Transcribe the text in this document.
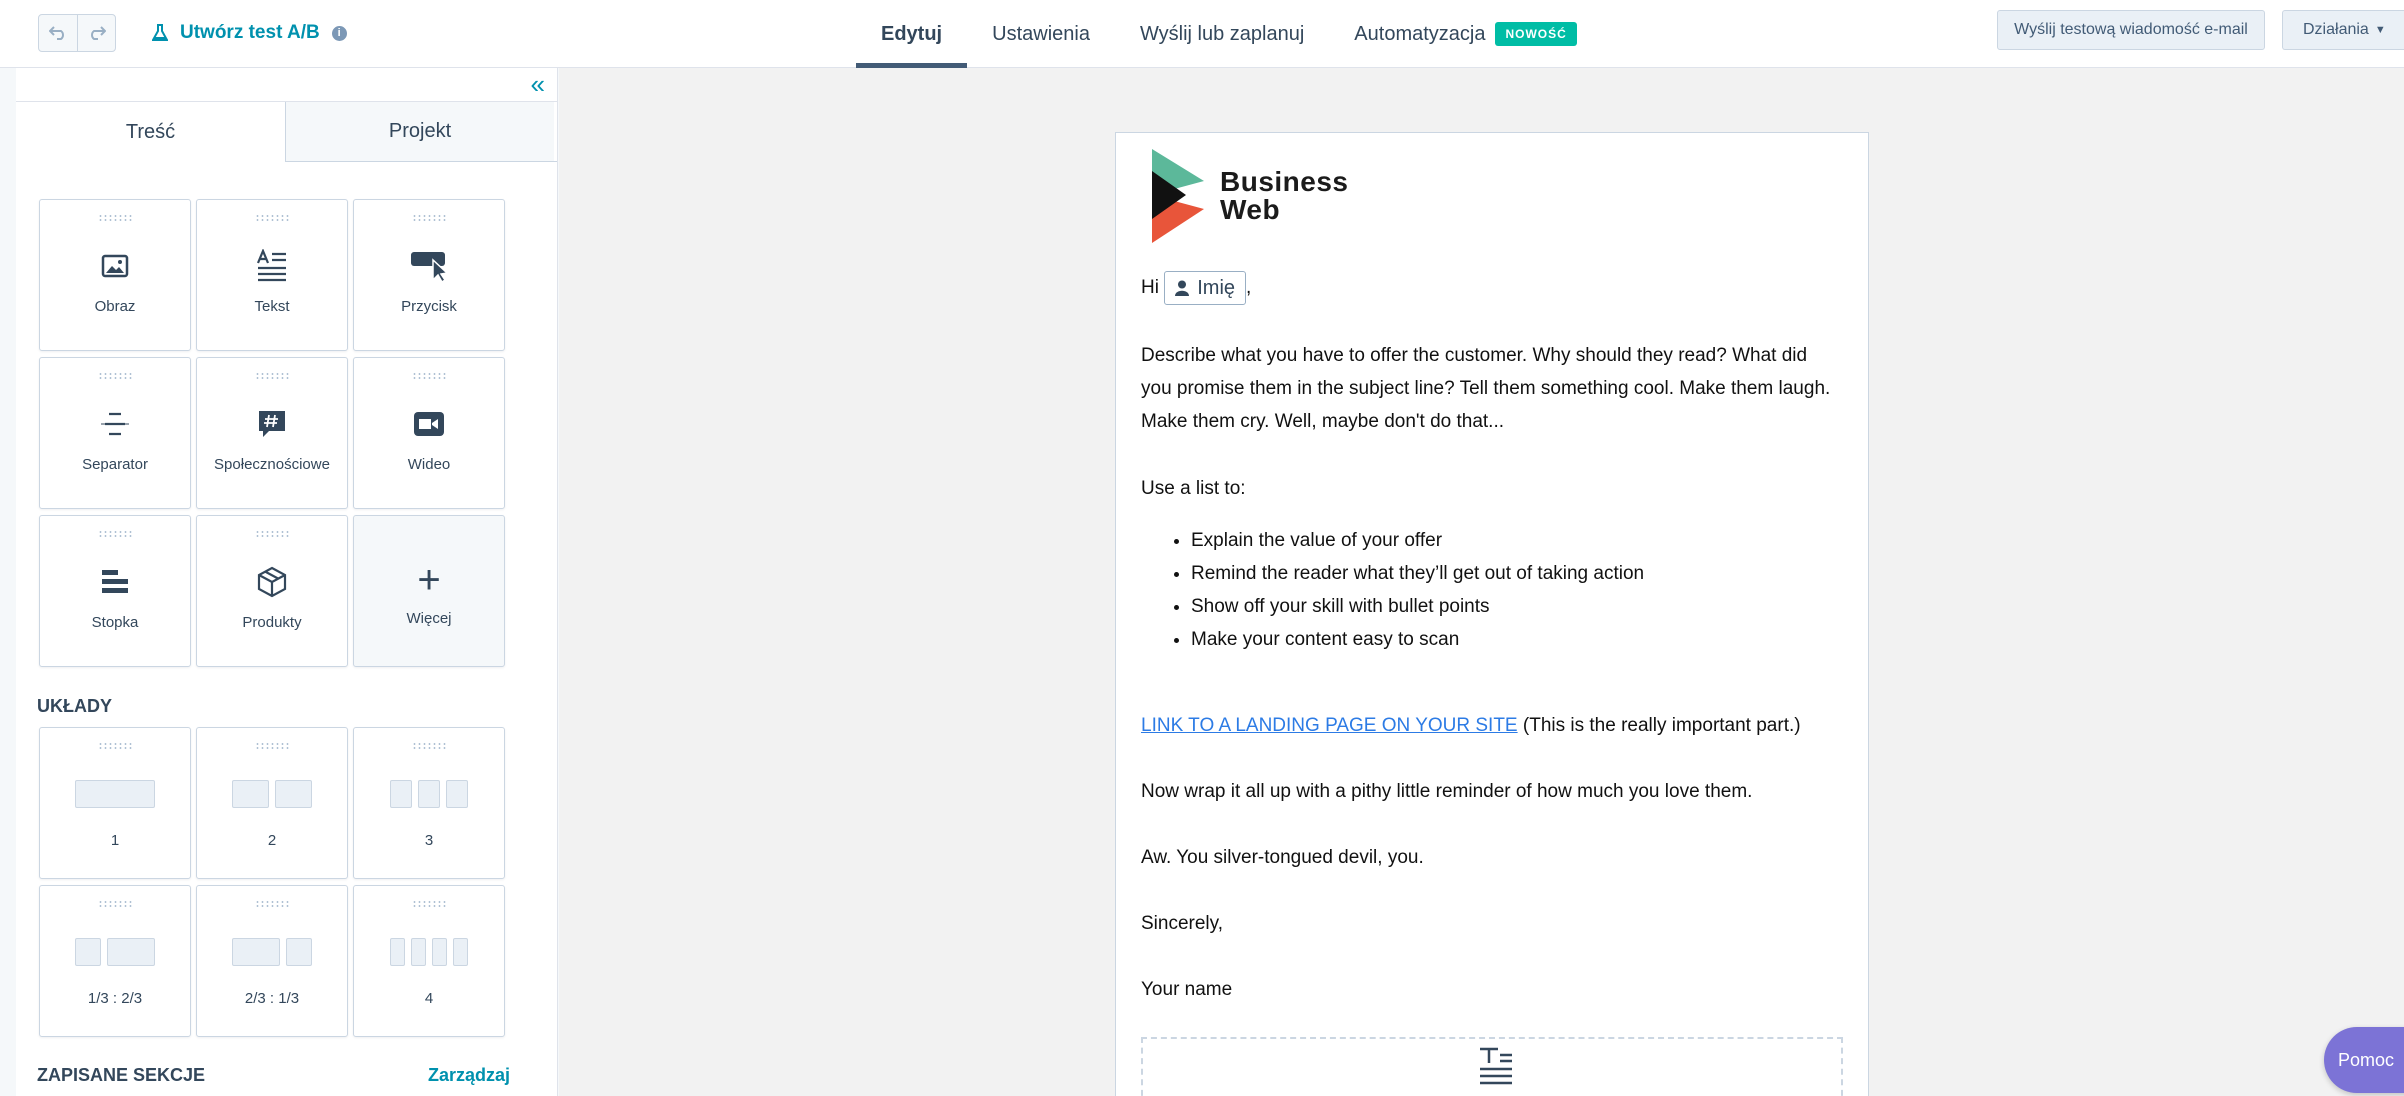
Utwórz test A/B	i	Edytuj	Ustawienia	Wyślij lub zaplanuj	Automatyzacja	NOWOŚĆ	Wyślij testową wiadomość e-mail	Działania ▼
«
Treść	Projekt
Obraz	Tekst	Przycisk
Separator	Społecznościowe	Wideo
Stopka	Produkty
+
Więcej
UKŁADY
1	2	3
1/3 : 2/3	2/3 : 1/3	4
ZAPISANE SEKCJE	Zarządzaj
Business
Web
Hi Imię ,
Describe what you have to offer the customer. Why should they read? What did you promise them in the subject line? Tell them something cool. Make them laugh. Make them cry. Well, maybe don't do that...
Use a list to:
• Explain the value of your offer
• Remind the reader what they’ll get out of taking action
• Show off your skill with bullet points
• Make your content easy to scan
LINK TO A LANDING PAGE ON YOUR SITE (This is the really important part.)
Now wrap it all up with a pithy little reminder of how much you love them.
Aw. You silver-tongued devil, you.
Sincerely,
Your name
Pomoc
